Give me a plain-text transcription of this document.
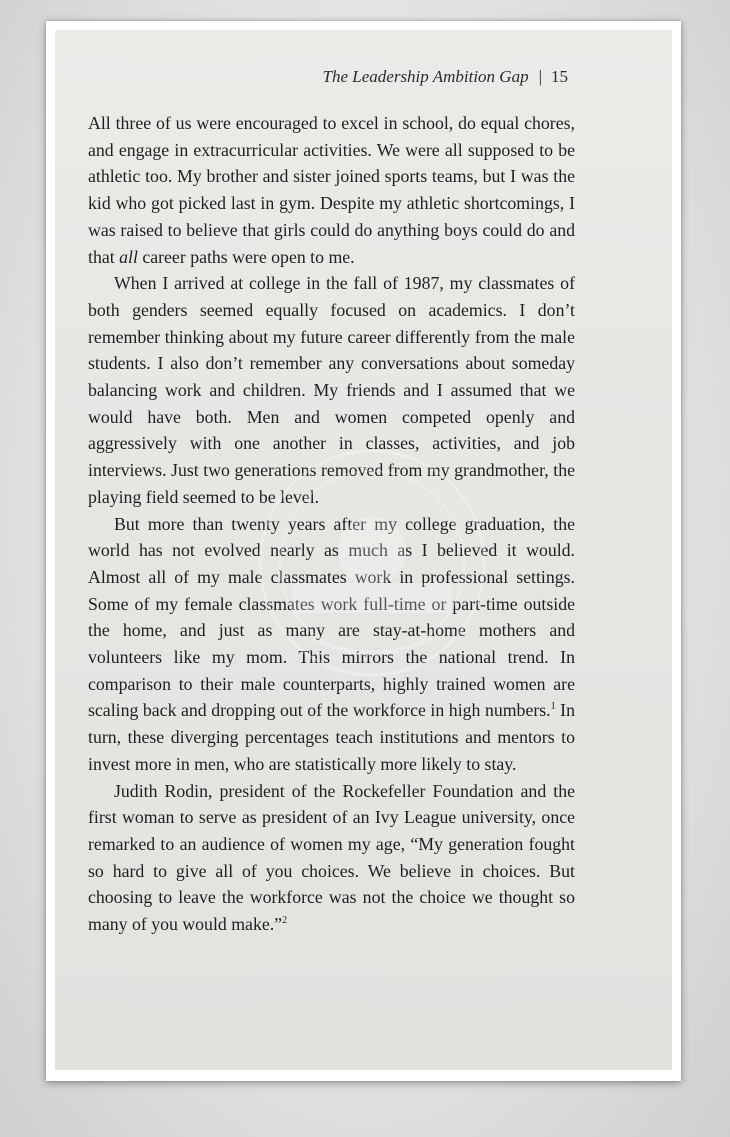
The Leadership Ambition Gap | 15

All three of us were encouraged to excel in school, do equal chores, and engage in extracurricular activities. We were all supposed to be athletic too. My brother and sister joined sports teams, but I was the kid who got picked last in gym. Despite my athletic shortcomings, I was raised to believe that girls could do anything boys could do and that all career paths were open to me.

When I arrived at college in the fall of 1987, my classmates of both genders seemed equally focused on academics. I don’t remember thinking about my future career differently from the male students. I also don’t remember any conversations about someday balancing work and children. My friends and I assumed that we would have both. Men and women competed openly and aggressively with one another in classes, activities, and job interviews. Just two generations removed from my grandmother, the playing field seemed to be level.

But more than twenty years after my college graduation, the world has not evolved nearly as much as I believed it would. Almost all of my male classmates work in professional settings. Some of my female classmates work full-time or part-time outside the home, and just as many are stay-at-home mothers and volunteers like my mom. This mirrors the national trend. In comparison to their male counterparts, highly trained women are scaling back and dropping out of the workforce in high numbers.$^1$ In turn, these diverging percentages teach institutions and mentors to invest more in men, who are statistically more likely to stay.

Judith Rodin, president of the Rockefeller Foundation and the first woman to serve as president of an Ivy League university, once remarked to an audience of women my age, “My generation fought so hard to give all of you choices. We believe in choices. But choosing to leave the workforce was not the choice we thought so many of you would make.”$^2$
